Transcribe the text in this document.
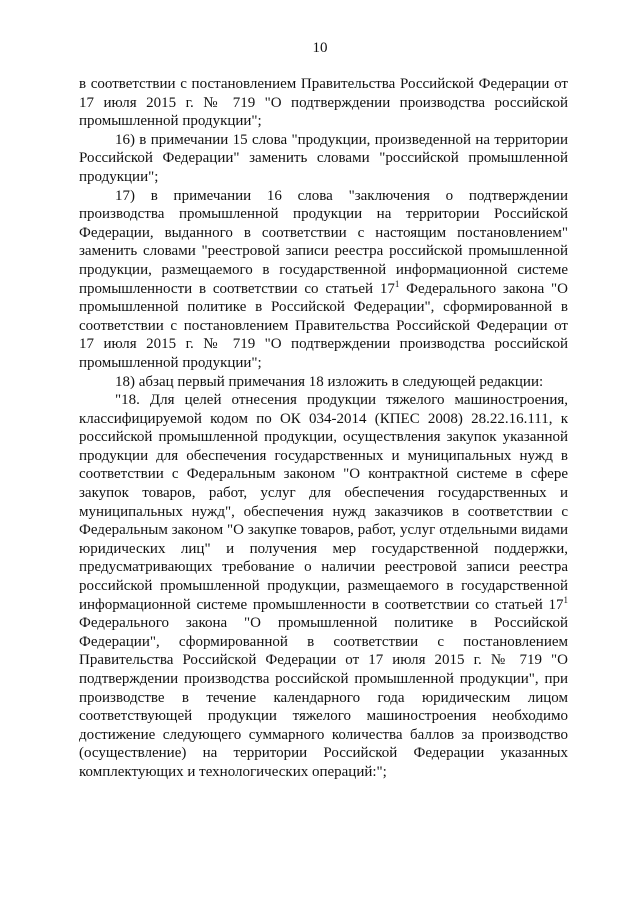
10

в соответствии с постановлением Правительства Российской Федерации от 17 июля 2015 г. № 719 "О подтверждении производства российской промышленной продукции";

16) в примечании 15 слова "продукции, произведенной на территории Российской Федерации" заменить словами "российской промышленной продукции";

17) в примечании 16 слова "заключения о подтверждении производства промышленной продукции на территории Российской Федерации, выданного в соответствии с настоящим постановлением" заменить словами "реестровой записи реестра российской промышленной продукции, размещаемого в государственной информационной системе промышленности в соответствии со статьей $17^1$ Федерального закона "О промышленной политике в Российской Федерации", сформированной в соответствии с постановлением Правительства Российской Федерации от 17 июля 2015 г. № 719 "О подтверждении производства российской промышленной продукции";

18) абзац первый примечания 18 изложить в следующей редакции:

"18. Для целей отнесения продукции тяжелого машиностроения, классифицируемой кодом по ОК 034-2014 (КПЕС 2008) 28.22.16.111, к российской промышленной продукции, осуществления закупок указанной продукции для обеспечения государственных и муниципальных нужд в соответствии с Федеральным законом "О контрактной системе в сфере закупок товаров, работ, услуг для обеспечения государственных и муниципальных нужд", обеспечения нужд заказчиков в соответствии с Федеральным законом "О закупке товаров, работ, услуг отдельными видами юридических лиц" и получения мер государственной поддержки, предусматривающих требование о наличии реестровой записи реестра российской промышленной продукции, размещаемого в государственной информационной системе промышленности в соответствии со статьей $17^1$ Федерального закона "О промышленной политике в Российской Федерации", сформированной в соответствии с постановлением Правительства Российской Федерации от 17 июля 2015 г. № 719 "О подтверждении производства российской промышленной продукции", при производстве в течение календарного года юридическим лицом соответствующей продукции тяжелого машиностроения необходимо достижение следующего суммарного количества баллов за производство (осуществление) на территории Российской Федерации указанных комплектующих и технологических операций:";
